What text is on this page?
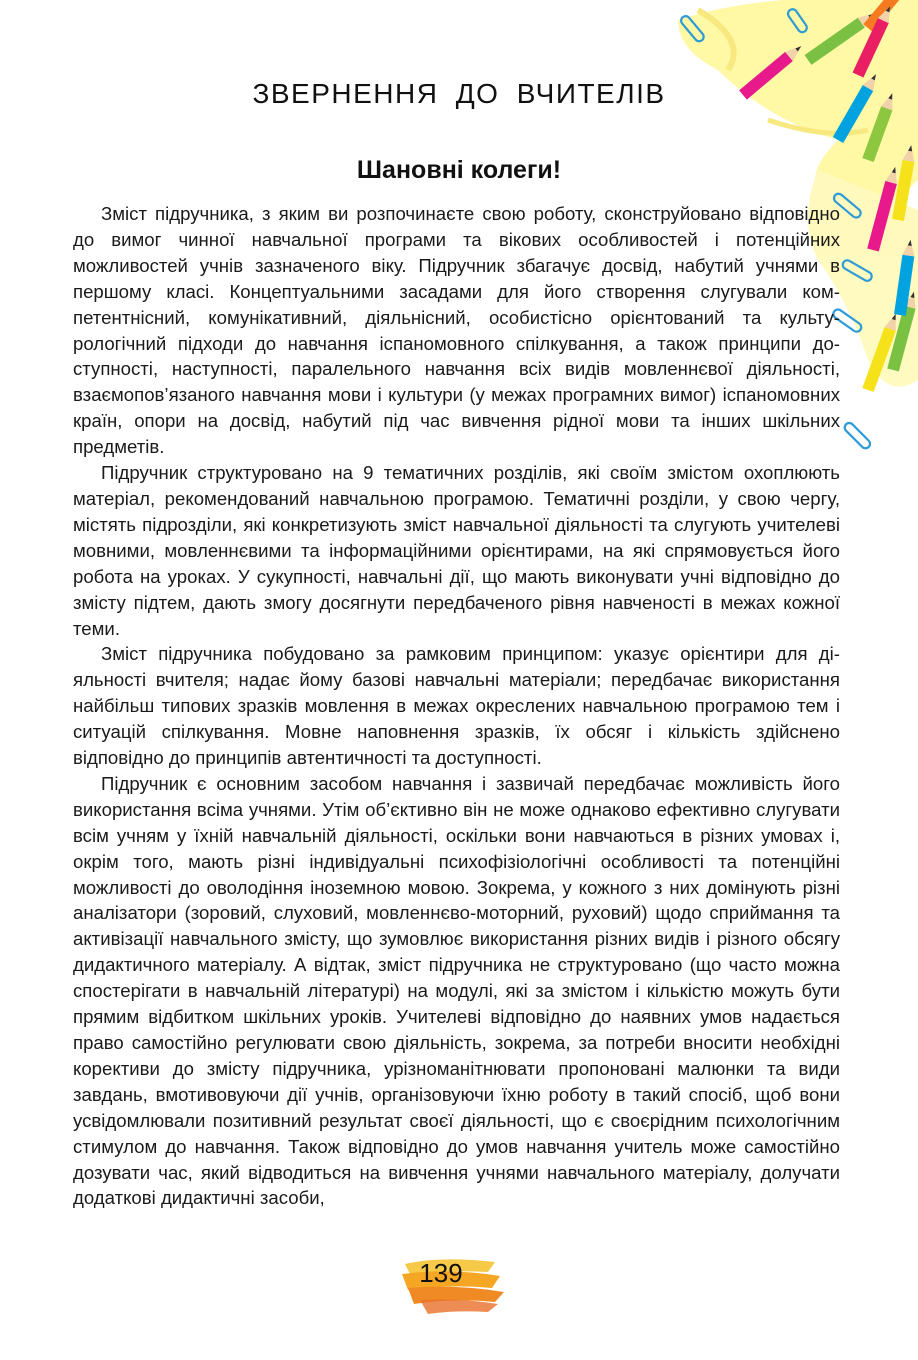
ЗВЕРНЕННЯ ДО ВЧИТЕЛІВ
Шановні колеги!

Зміст підручника, з яким ви розпочинаєте свою роботу, сконструйовано відповідно до вимог чинної навчальної програми та вікових особливостей і потенційних можливостей учнів зазначеного віку. Підручник збагачує досвід, набутий учнями в першому класі. Концептуальними засадами для його створення слугували компетентнісний, комунікативний, діяльнісний, особистісно орієнтований та культурологічний підходи до навчання іспаномовного спілкування, а також принципи доступності, наступності, паралельного навчання всіх видів мовленнєвої діяльності, взаємопов’язаного навчання мови і культури (у межах програмних вимог) іспаномовних країн, опори на досвід, набутий під час вивчення рідної мови та інших шкільних предметів.

Підручник структуровано на 9 тематичних розділів, які своїм змістом охоплюють матеріал, рекомендований навчальною програмою. Тематичні розділи, у свою чергу, містять підрозділи, які конкретизують зміст навчальної діяльності та слугують учителеві мовними, мовленнєвими та інформаційними орієнтирами, на які спрямовується його робота на уроках. У сукупності, навчальні дії, що мають виконувати учні відповідно до змісту підтем, дають змогу досягнути передбаченого рівня навченості в межах кожної теми.

Зміст підручника побудовано за рамковим принципом: указує орієнтири для діяльності вчителя; надає йому базові навчальні матеріали; передбачає використання найбільш типових зразків мовлення в межах окреслених навчальною програмою тем і ситуацій спілкування. Мовне наповнення зразків, їх обсяг і кількість здійснено відповідно до принципів автентичності та доступності.

Підручник є основним засобом навчання і зазвичай передбачає можливість його використання всіма учнями. Утім об’єктивно він не може однаково ефективно слугувати всім учням у їхній навчальній діяльності, оскільки вони навчаються в різних умовах і, окрім того, мають різні індивідуальні психофізіологічні особливості та потенційні можливості до оволодіння іноземною мовою. Зокрема, у кожного з них домінують різні аналізатори (зоровий, слуховий, мовленнєво-моторний, руховий) щодо сприймання та активізації навчального змісту, що зумовлює використання різних видів і різного обсягу дидактичного матеріалу. А відтак, зміст підручника не структуровано (що часто можна спостерігати в навчальній літературі) на модулі, які за змістом і кількістю можуть бути прямим відбитком шкільних уроків. Учителеві відповідно до наявних умов надається право самостійно регулювати свою діяльність, зокрема, за потреби вносити необхідні корективи до змісту підручника, урізноманітнювати пропоновані малюнки та види завдань, вмотивовуючи дії учнів, організовуючи їхню роботу в такий спосіб, щоб вони усвідомлювали позитивний результат своєї діяльності, що є своєрідним психологічним стимулом до навчання. Також відповідно до умов навчання учитель може самостійно дозувати час, який відводиться на вивчення учнями навчального матеріалу, долучати додаткові дидактичні засоби,

139
